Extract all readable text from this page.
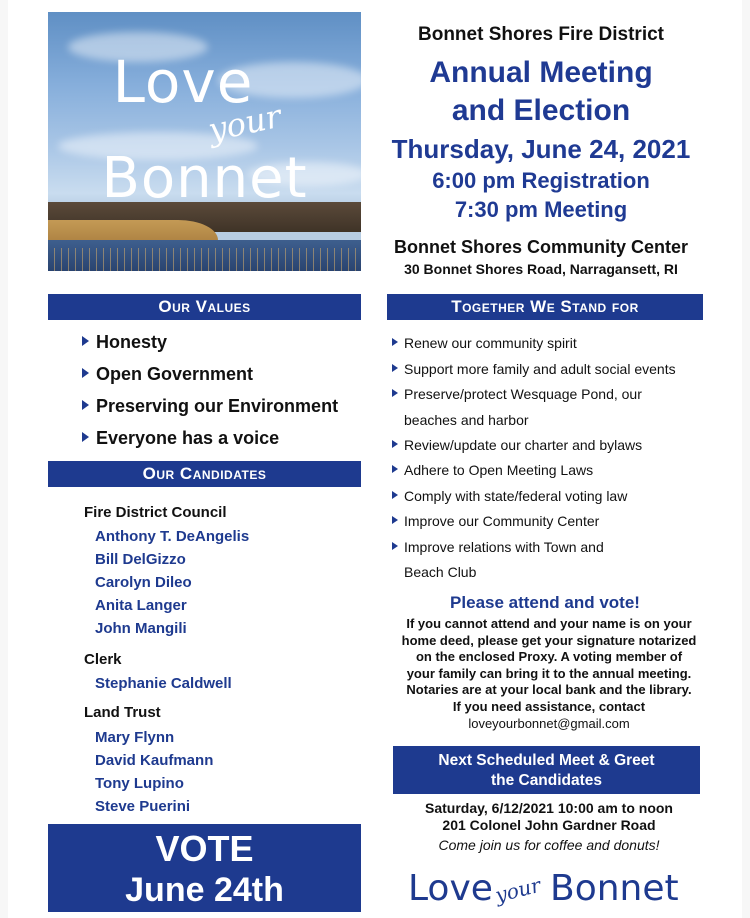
Love
your
Bonnet
Bonnet Shores Fire District
Annual Meeting
and Election
Thursday, June 24, 2021
6:00 pm Registration
7:30 pm Meeting
Bonnet Shores Community Center
30 Bonnet Shores Road, Narragansett, RI
Our Values
Honesty
Open Government
Preserving our Environment
Everyone has a voice
Our Candidates
Fire District Council
Anthony T. DeAngelis
Bill DelGizzo
Carolyn Dileo
Anita Langer
John Mangili
Clerk
Stephanie Caldwell
Land Trust
Mary Flynn
David Kaufmann
Tony Lupino
Steve Puerini
VOTE
June 24th
Together We Stand for
Renew our community spirit
Support more family and adult social events
Preserve/protect Wesquage Pond, our
beaches and harbor
Review/update our charter and bylaws
Adhere to Open Meeting Laws
Comply with state/federal voting law
Improve our Community Center
Improve relations with Town and
Beach Club
Please attend and vote!
If you cannot attend and your name is on your
home deed, please get your signature notarized
on the enclosed Proxy. A voting member of
your family can bring it to the annual meeting.
Notaries are at your local bank and the library.
If you need assistance, contact
loveyourbonnet@gmail.com
Next Scheduled Meet & Greet
the Candidates
Saturday, 6/12/2021 10:00 am to noon
201 Colonel John Gardner Road
Come join us for coffee and donuts!
Love your Bonnet
